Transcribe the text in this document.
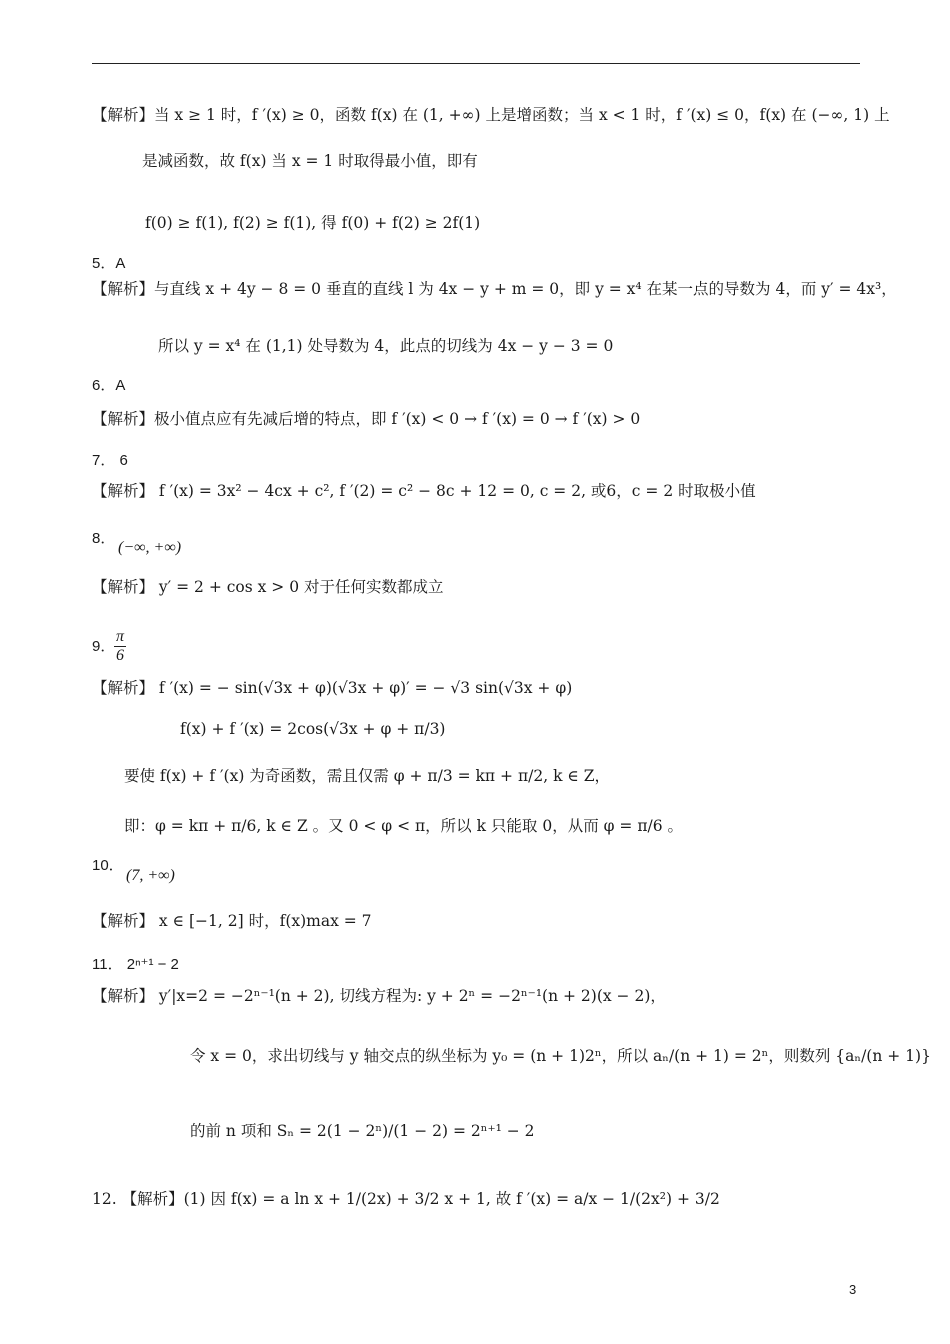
【解析】当 x ≥ 1 时，f ′(x) ≥ 0，函数 f(x) 在 (1, +∞) 上是增函数；当 x < 1 时，f ′(x) ≤ 0，f(x) 在 (−∞, 1) 上
是减函数，故 f(x) 当 x = 1 时取得最小值，即有
f(0) ≥ f(1), f(2) ≥ f(1), 得 f(0) + f(2) ≥ 2f(1)
5．A
【解析】与直线 x + 4y − 8 = 0 垂直的直线 l 为 4x − y + m = 0，即 y = x⁴ 在某一点的导数为 4，而 y′ = 4x³，
所以 y = x⁴ 在 (1,1) 处导数为 4，此点的切线为 4x − y − 3 = 0
6．A
【解析】极小值点应有先减后增的特点，即 f ′(x) < 0 → f ′(x) = 0 → f ′(x) > 0
7． 6
【解析】 f ′(x) = 3x² − 4cx + c², f ′(2) = c² − 8c + 12 = 0, c = 2, 或6，c = 2 时取极小值
8．
(−∞, +∞)
【解析】 y′ = 2 + cos x > 0 对于任何实数都成立
9．
$\frac{\pi}{6}$
【解析】 f ′(x) = − sin(√3x + φ)(√3x + φ)′ = − √3 sin(√3x + φ)
f(x) + f ′(x) = 2cos(√3x + φ + π/3)
要使 f(x) + f ′(x) 为奇函数，需且仅需 φ + π/3 = kπ + π/2, k ∈ Z，
即：φ = kπ + π/6, k ∈ Z 。又 0 < φ < π，所以 k 只能取 0，从而 φ = π/6 。
10．
(7, +∞)
【解析】 x ∈ [−1, 2] 时，f(x)max = 7
11． 2ⁿ⁺¹ − 2
【解析】 y′|x=2 = −2ⁿ⁻¹(n + 2), 切线方程为: y + 2ⁿ = −2ⁿ⁻¹(n + 2)(x − 2)，
令 x = 0，求出切线与 y 轴交点的纵坐标为 y₀ = (n + 1)2ⁿ，所以 aₙ/(n + 1) = 2ⁿ，则数列 {aₙ/(n + 1)}
的前 n 项和 Sₙ = 2(1 − 2ⁿ)/(1 − 2) = 2ⁿ⁺¹ − 2
12. 【解析】(1) 因 f(x) = a ln x + 1/(2x) + 3/2 x + 1, 故 f ′(x) = a/x − 1/(2x²) + 3/2
3
